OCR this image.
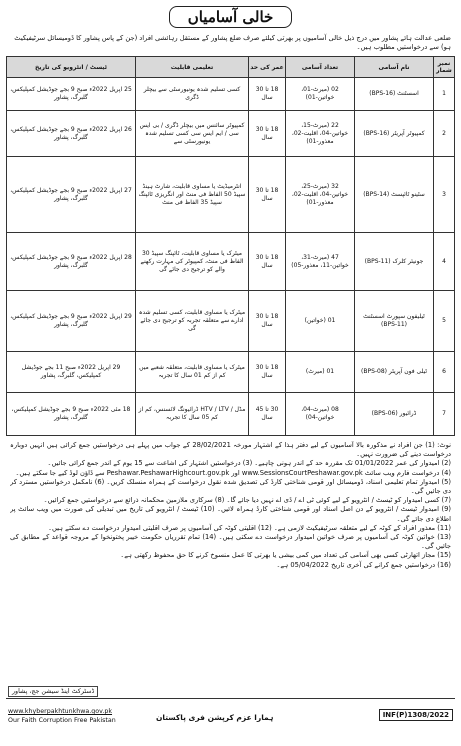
خالی آسامیاں
ضلعی عدالت ہائے پشاور میں درج ذیل خالی آسامیوں پر بھرتی کیلئے صرف ضلع پشاور کے مستقل رہائشی افراد (جن کے پاس پشاور کا ڈومیسائل سرٹیفیکیٹ ہو) سے درخواستیں مطلوب ہیں۔
نمبر شمار	نام آسامی	تعداد آسامی	عمر کی حد	تعلیمی قابلیت	ٹیسٹ / انٹرویو کی تاریخ
1	اسسٹنٹ (BPS-16)	02 (میرٹ-01، خواتین-01)	18 تا 30 سال	کسی تسلیم شدہ یونیورسٹی سے بیچلر ڈگری	25 اپریل 2022ء صبح 9 بجے جوڈیشل کمپلیکس، گلبرگ، پشاور
2	کمپیوٹر آپریٹر (BPS-16)	22 (میرٹ-15، خواتین-04، اقلیت-02، معذور-01)	18 تا 30 سال	کمپیوٹر سائنس میں بیچلر ڈگری / بی ایس سی / ایم ایس سی کسی تسلیم شدہ یونیورسٹی سے	26 اپریل 2022ء صبح 9 بجے جوڈیشل کمپلیکس، گلبرگ، پشاور
3	سٹینو ٹائپسٹ (BPS-14)	32 (میرٹ-25، خواتین-04، اقلیت-02، معذور-01)	18 تا 30 سال	انٹرمیڈیٹ یا مساوی قابلیت، شارٹ ہینڈ سپیڈ 50 الفاظ فی منٹ اور انگریزی ٹائپنگ سپیڈ 35 الفاظ فی منٹ	27 اپریل 2022ء صبح 9 بجے جوڈیشل کمپلیکس، گلبرگ، پشاور
4	جونیئر کلرک (BPS-11)	47 (میرٹ-31، خواتین-11، معذور-05)	18 تا 30 سال	میٹرک یا مساوی قابلیت، ٹائپنگ سپیڈ 30 الفاظ فی منٹ، کمپیوٹر کی مہارت رکھنے والے کو ترجیح دی جائے گی	28 اپریل 2022ء صبح 9 بجے جوڈیشل کمپلیکس، گلبرگ، پشاور
5	ٹیلیفون سپورٹ اسسٹنٹ (BPS-11)	01 (خواتین)	18 تا 30 سال	میٹرک یا مساوی قابلیت، کسی تسلیم شدہ ادارے سے متعلقہ تجربہ کو ترجیح دی جائے گی	29 اپریل 2022ء صبح 9 بجے جوڈیشل کمپلیکس، گلبرگ، پشاور
6	ٹیلی فون آپریٹر (BPS-08)	01 (میرٹ)	18 تا 30 سال	میٹرک یا مساوی قابلیت، متعلقہ شعبے میں کم از کم 01 سال کا تجربہ	29 اپریل 2022ء صبح 11 بجے جوڈیشل کمپلیکس، گلبرگ، پشاور
7	ڈرائیور (BPS-06)	08 (میرٹ-04، خواتین-04)	30 تا 45 سال	مڈل / HTV / LTV ڈرائیونگ لائسنس، کم از کم 05 سال کا تجربہ	18 مئی 2022ء صبح 9 بجے جوڈیشل کمپلیکس، گلبرگ، پشاور
نوٹ: (1) جن افراد نے مذکورہ بالا آسامیوں کے لیے دفتر ہذا کے اشتہار مورخہ 28/02/2021 کے جواب میں پہلے ہی درخواستیں جمع کرائی ہیں انہیں دوبارہ درخواست دینے کی ضرورت نہیں۔
(2) امیدوار کی عمر 01/01/2022 تک مقررہ حد کے اندر ہونی چاہیے۔ (3) درخواستیں اشتہار کی اشاعت سے 15 یوم کے اندر جمع کرائی جائیں۔
(4) درخواست فارم ویب سائٹ www.SessionsCourtPeshawar.gov.pk اور Peshawar.PeshawarHighcourt.gov.pk سے ڈاؤن لوڈ کیے جا سکتے ہیں۔
(5) امیدوار تمام تعلیمی اسناد، ڈومیسائل اور قومی شناختی کارڈ کی تصدیق شدہ نقول درخواست کے ہمراہ منسلک کریں۔ (6) نامکمل درخواستیں مسترد کر دی جائیں گی۔
(7) کسی امیدوار کو ٹیسٹ / انٹرویو کے لیے کوئی ٹی اے / ڈی اے نہیں دیا جائے گا۔ (8) سرکاری ملازمین محکمانہ ذرائع سے درخواستیں جمع کرائیں۔
(9) امیدوار ٹیسٹ / انٹرویو کے دن اصل اسناد اور قومی شناختی کارڈ ہمراہ لائیں۔ (10) ٹیسٹ / انٹرویو کی تاریخ میں تبدیلی کی صورت میں ویب سائٹ پر اطلاع دی جائے گی۔
(11) معذور افراد کے کوٹہ کے لیے متعلقہ سرٹیفیکیٹ لازمی ہے۔ (12) اقلیتی کوٹہ کی آسامیوں پر صرف اقلیتی امیدوار درخواست دے سکتے ہیں۔
(13) خواتین کوٹہ کی آسامیوں پر صرف خواتین امیدوار درخواست دے سکتی ہیں۔ (14) تمام تقرریاں حکومت خیبر پختونخوا کے مروجہ قواعد کے مطابق کی جائیں گی۔
(15) مجاز اتھارٹی کسی بھی آسامی کی تعداد میں کمی بیشی یا بھرتی کا عمل منسوخ کرنے کا حق محفوظ رکھتی ہے۔
(16) درخواستیں جمع کرانے کی آخری تاریخ 05/04/2022 ہے۔
ڈسٹرکٹ اینڈ سیشن جج، پشاور
www.khyberpakhtunkhwa.gov.pk
Our Faith Corruption Free Pakistan	ہمارا عزم کرپشن فری پاکستان	INF(P)1308/2022
